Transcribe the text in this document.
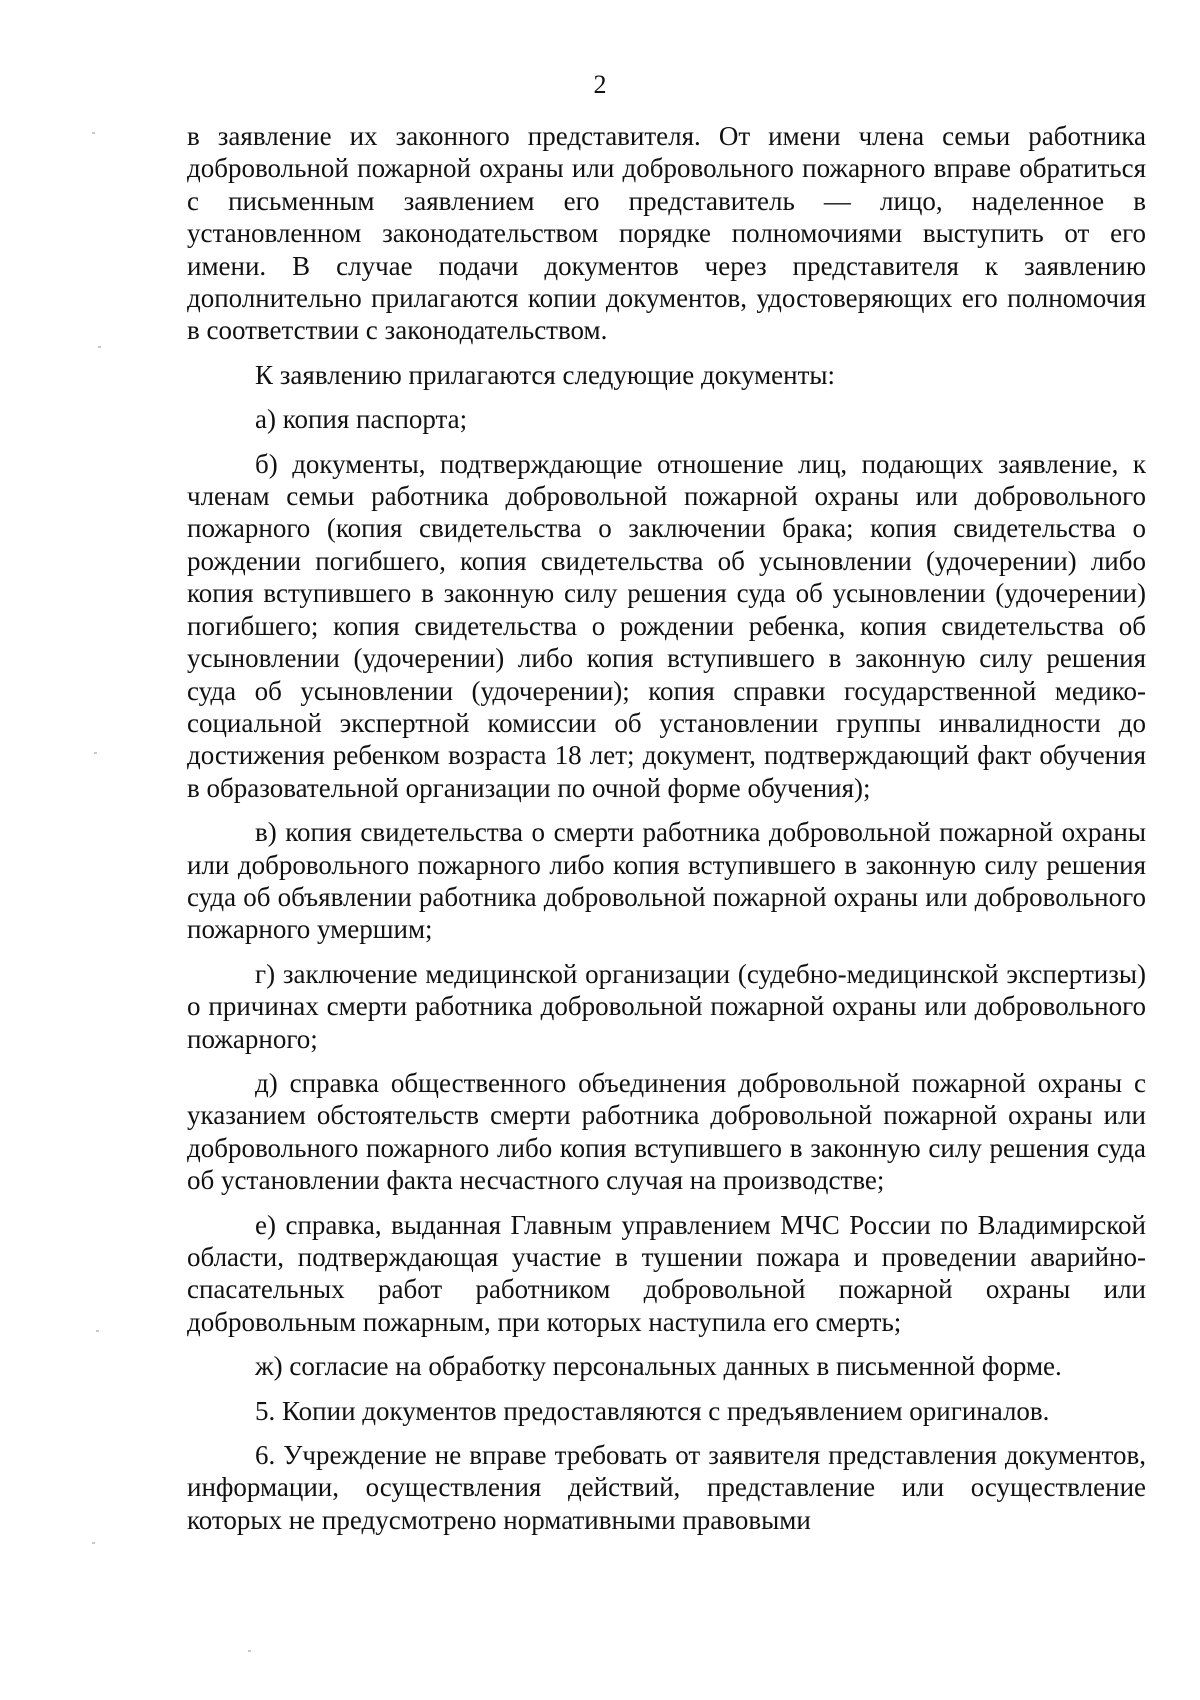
2

в заявление их законного представителя. От имени члена семьи работника добровольной пожарной охраны или добровольного пожарного вправе обратиться с письменным заявлением его представитель — лицо, наделенное в установленном законодательством порядке полномочиями выступить от его имени. В случае подачи документов через представителя к заявлению дополнительно прилагаются копии документов, удостоверяющих его полномочия в соответствии с законодательством.

К заявлению прилагаются следующие документы:

а) копия паспорта;

б) документы, подтверждающие отношение лиц, подающих заявление, к членам семьи работника добровольной пожарной охраны или добровольного пожарного (копия свидетельства о заключении брака; копия свидетельства о рождении погибшего, копия свидетельства об усыновлении (удочерении) либо копия вступившего в законную силу решения суда об усыновлении (удочерении) погибшего; копия свидетельства о рождении ребенка, копия свидетельства об усыновлении (удочерении) либо копия вступившего в законную силу решения суда об усыновлении (удочерении); копия справки государственной медико-социальной экспертной комиссии об установлении группы инвалидности до достижения ребенком возраста 18 лет; документ, подтверждающий факт обучения в образовательной организации по очной форме обучения);

в) копия свидетельства о смерти работника добровольной пожарной охраны или добровольного пожарного либо копия вступившего в законную силу решения суда об объявлении работника добровольной пожарной охраны или добровольного пожарного умершим;

г) заключение медицинской организации (судебно-медицинской экспертизы) о причинах смерти работника добровольной пожарной охраны или добровольного пожарного;

д) справка общественного объединения добровольной пожарной охраны с указанием обстоятельств смерти работника добровольной пожарной охраны или добровольного пожарного либо копия вступившего в законную силу решения суда об установлении факта несчастного случая на производстве;

е) справка, выданная Главным управлением МЧС России по Владимирской области, подтверждающая участие в тушении пожара и проведении аварийно-спасательных работ работником добровольной пожарной охраны или добровольным пожарным, при которых наступила его смерть;

ж) согласие на обработку персональных данных в письменной форме.

5. Копии документов предоставляются с предъявлением оригиналов.

6. Учреждение не вправе требовать от заявителя представления документов, информации, осуществления действий, представление или осуществление которых не предусмотрено нормативными правовыми
